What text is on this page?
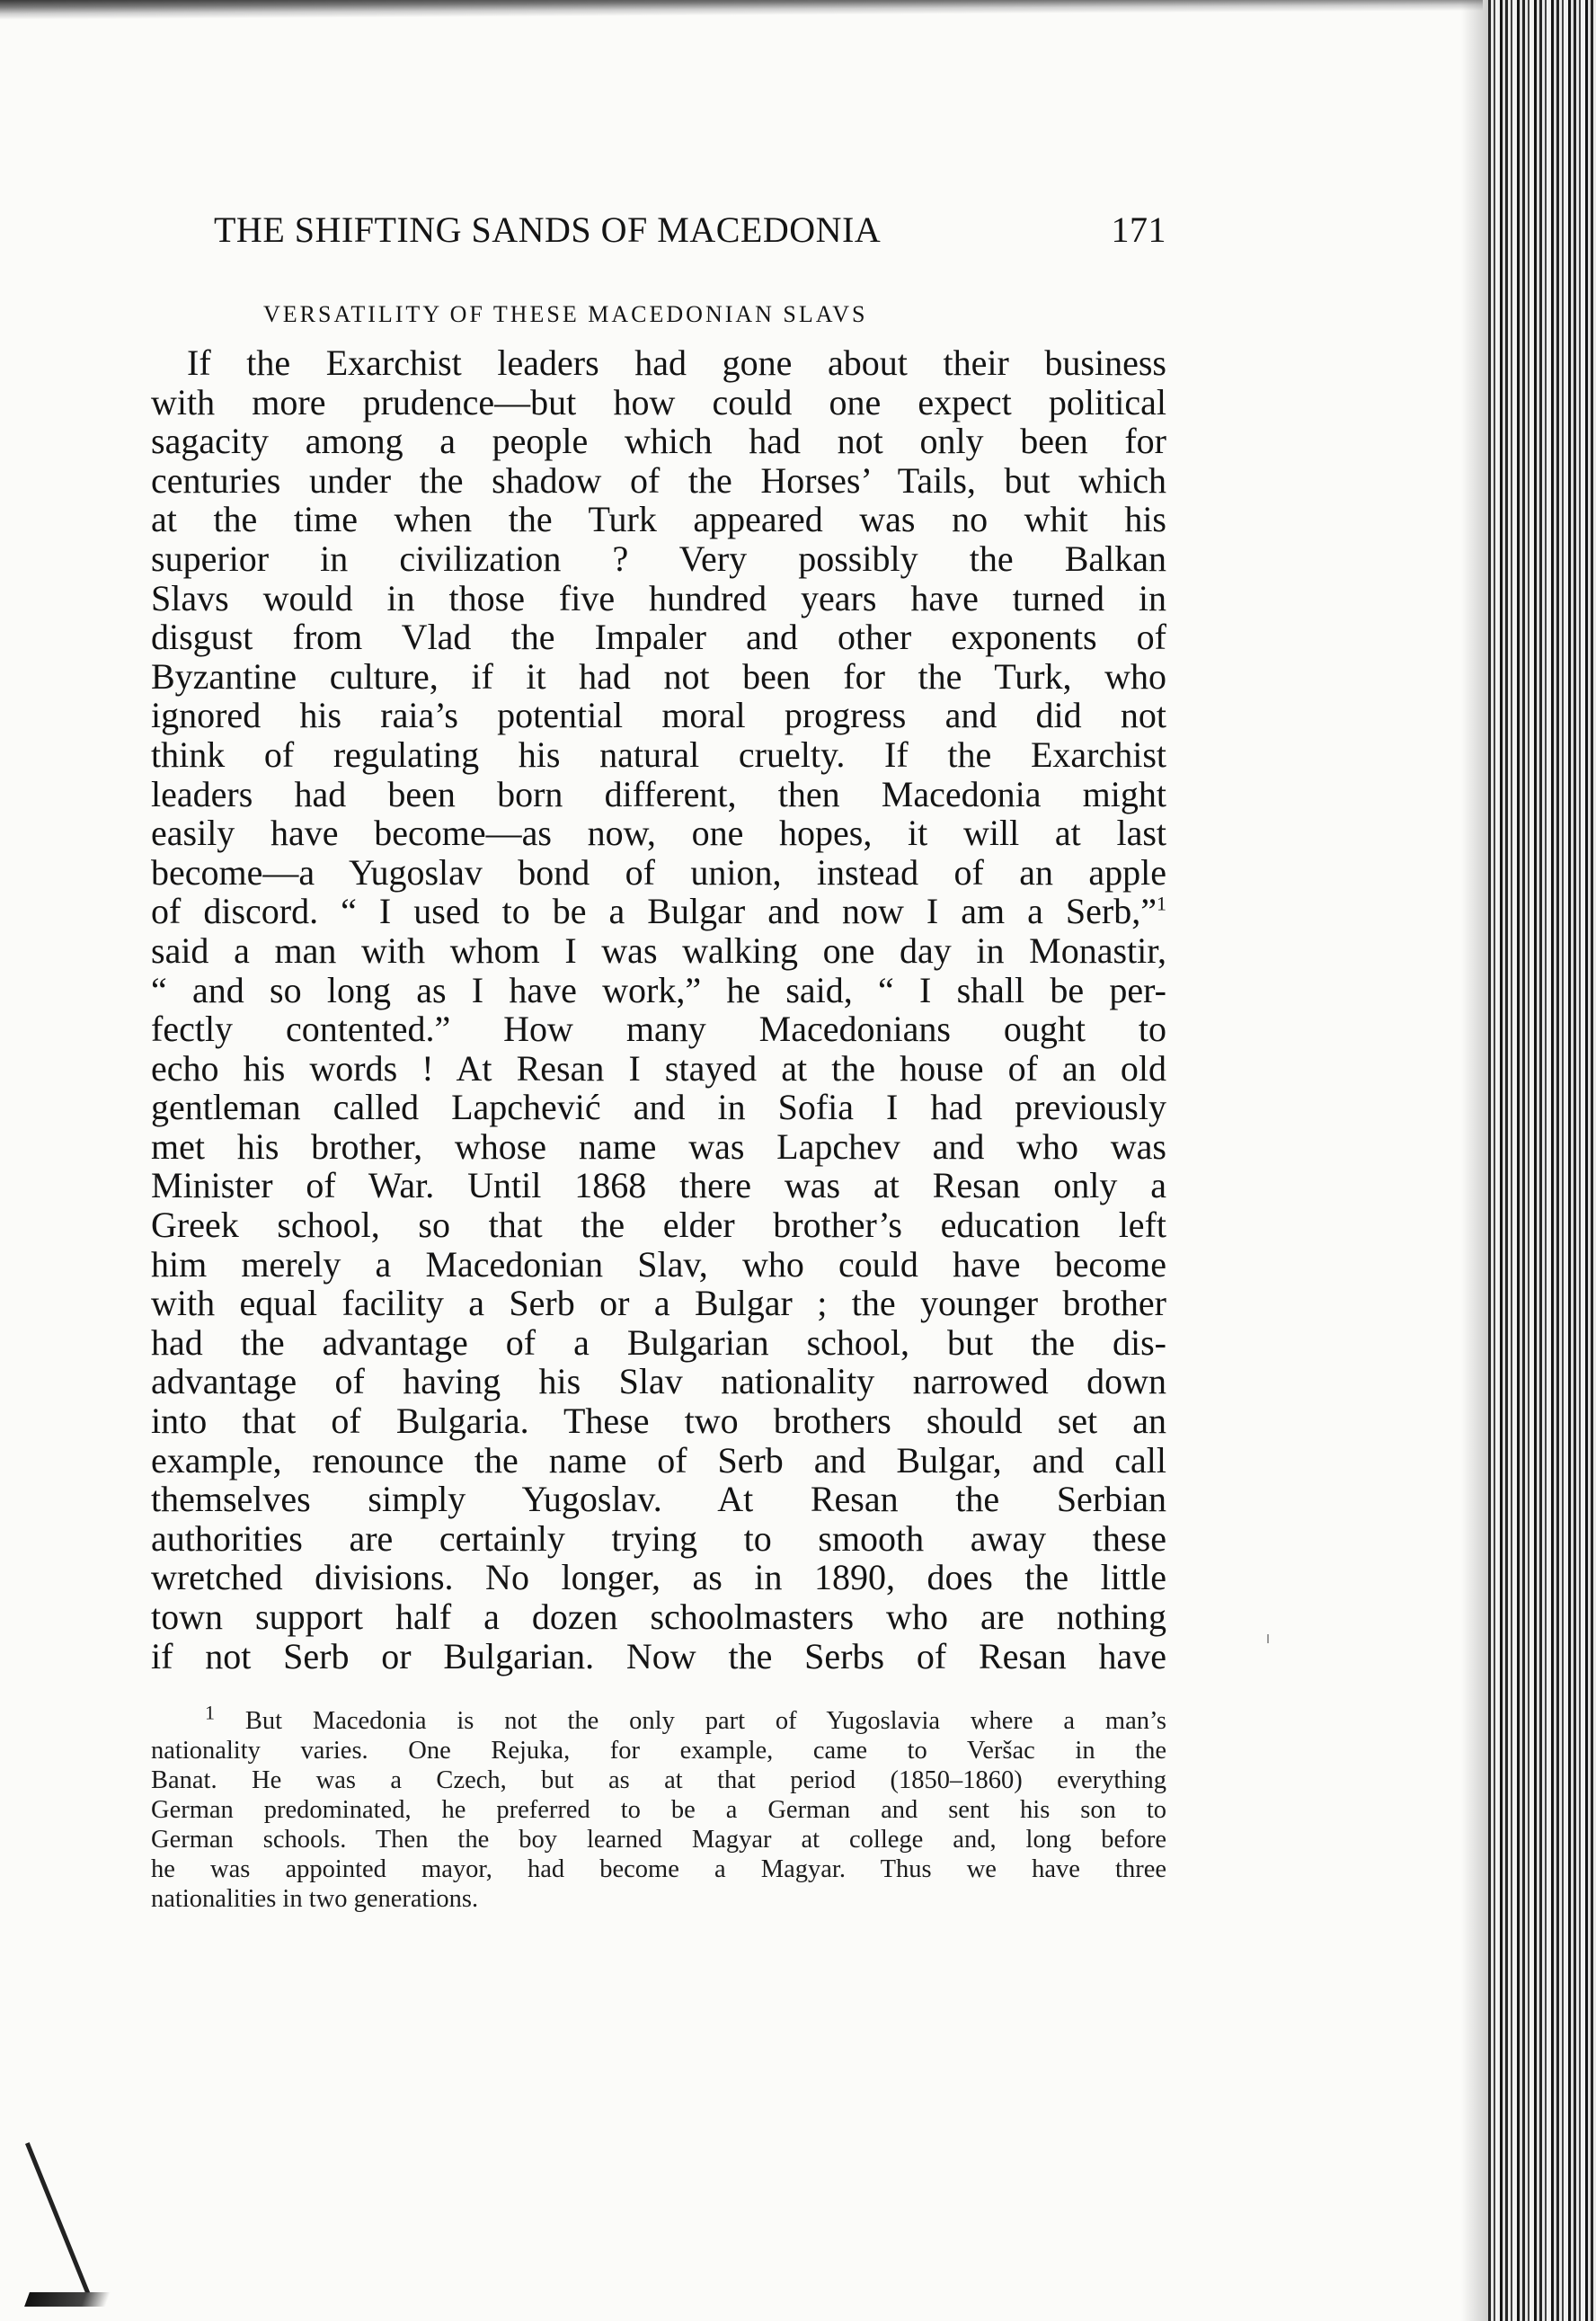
THE SHIFTING SANDS OF MACEDONIA	171
VERSATILITY OF THESE MACEDONIAN SLAVS
If the Exarchist leaders had gone about their business
with more prudence—but how could one expect political
sagacity among a people which had not only been for
centuries under the shadow of the Horses’ Tails, but which
at the time when the Turk appeared was no whit his
superior in civilization ? Very possibly the Balkan
Slavs would in those five hundred years have turned in
disgust from Vlad the Impaler and other exponents of
Byzantine culture, if it had not been for the Turk, who
ignored his raia’s potential moral progress and did not
think of regulating his natural cruelty. If the Exarchist
leaders had been born different, then Macedonia might
easily have become—as now, one hopes, it will at last
become—a Yugoslav bond of union, instead of an apple
of discord. “ I used to be a Bulgar and now I am a Serb,”$^1$
said a man with whom I was walking one day in Monastir,
“ and so long as I have work,” he said, “ I shall be per-
fectly contented.” How many Macedonians ought to
echo his words ! At Resan I stayed at the house of an old
gentleman called Lapchević and in Sofia I had previously
met his brother, whose name was Lapchev and who was
Minister of War. Until 1868 there was at Resan only a
Greek school, so that the elder brother’s education left
him merely a Macedonian Slav, who could have become
with equal facility a Serb or a Bulgar ; the younger brother
had the advantage of a Bulgarian school, but the dis-
advantage of having his Slav nationality narrowed down
into that of Bulgaria. These two brothers should set an
example, renounce the name of Serb and Bulgar, and call
themselves simply Yugoslav. At Resan the Serbian
authorities are certainly trying to smooth away these
wretched divisions. No longer, as in 1890, does the little
town support half a dozen schoolmasters who are nothing
if not Serb or Bulgarian. Now the Serbs of Resan have
$^1$ But Macedonia is not the only part of Yugoslavia where a man’s
nationality varies. One Rejuka, for example, came to Veršac in the
Banat. He was a Czech, but as at that period (1850–1860) everything
German predominated, he preferred to be a German and sent his son to
German schools. Then the boy learned Magyar at college and, long before
he was appointed mayor, had become a Magyar. Thus we have three
nationalities in two generations.
